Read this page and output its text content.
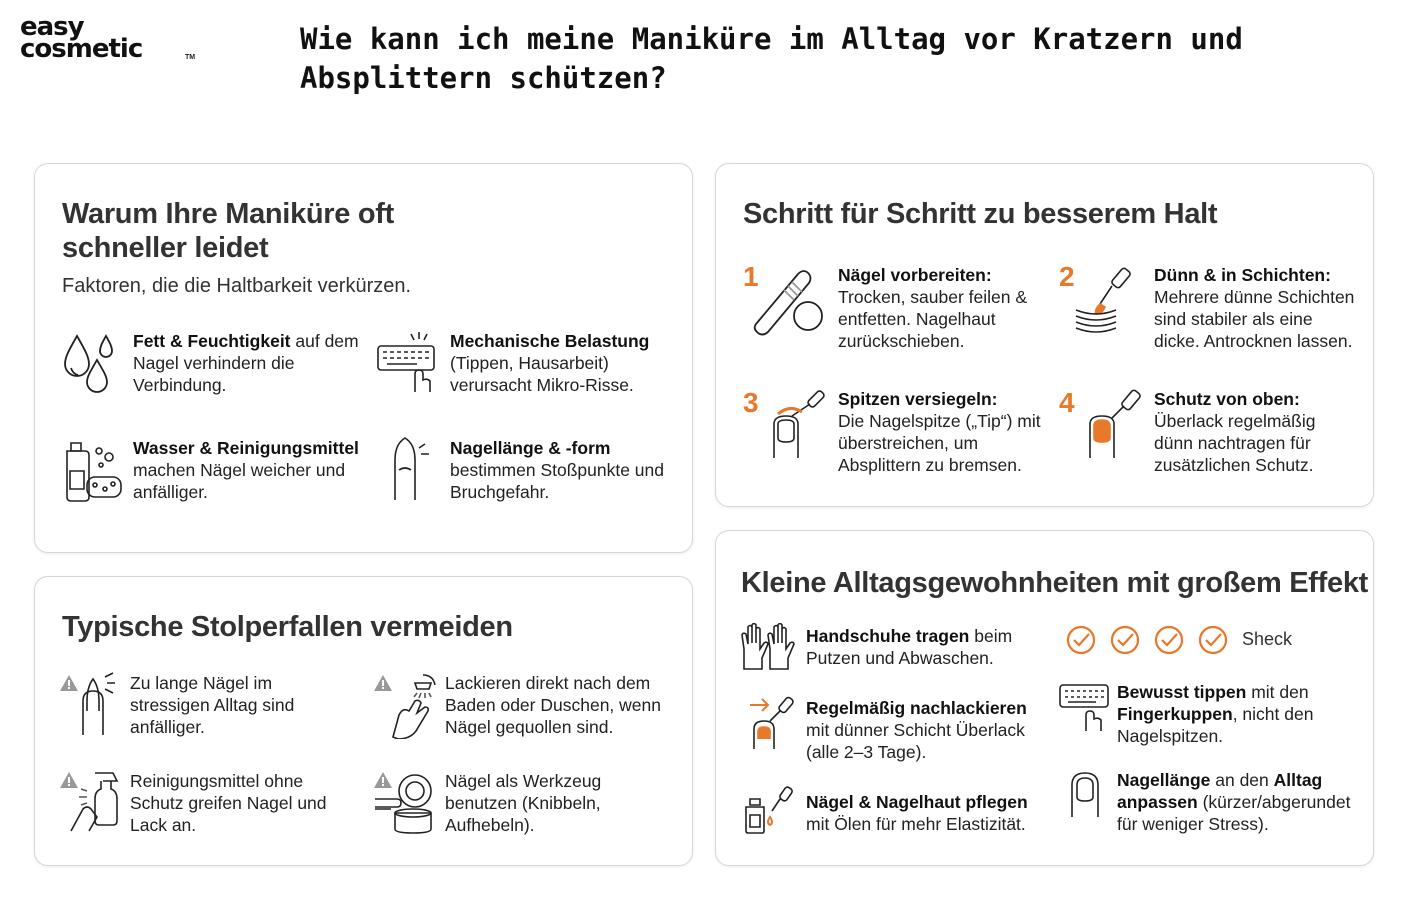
easy
cosmetic	TM
Wie kann ich meine Maniküre im Alltag vor Kratzern und Absplittern schützen?
Warum Ihre Maniküre oft schneller leidet

Faktoren, die die Haltbarkeit verkürzen.

Fett & Feuchtigkeit auf dem Nagel verhindern die Verbindung.
Mechanische Belastung (Tippen, Hausarbeit) verursacht Mikro-Risse.
Wasser & Reinigungsmittel machen Nägel weicher und anfälliger.
Nagellänge & -form bestimmen Stoßpunkte und Bruchgefahr.
Schritt für Schritt zu besserem Halt
1	Nägel vorbereiten:
Trocken, sauber feilen & entfetten. Nagelhaut zurückschieben.
2	Dünn & in Schichten:
Mehrere dünne Schichten sind stabiler als eine dicke. Antrocknen lassen.
3	Spitzen versiegeln:
Die Nagelspitze („Tip“) mit überstreichen, um Absplittern zu bremsen.
4	Schutz von oben:
Überlack regelmäßig dünn nachtragen für zusätzlichen Schutz.
Typische Stolperfallen vermeiden
Zu lange Nägel im stressigen Alltag sind anfälliger.
Lackieren direkt nach dem Baden oder Duschen, wenn Nägel gequollen sind.
Reinigungsmittel ohne Schutz greifen Nagel und Lack an.
Nägel als Werkzeug benutzen (Knibbeln, Aufhebeln).
Kleine Alltagsgewohnheiten mit großem Effekt
Handschuhe tragen beim Putzen und Abwaschen.
Sheck
Regelmäßig nachlackieren mit dünner Schicht Überlack (alle 2–3 Tage).
Nägel & Nagelhaut pflegen mit Ölen für mehr Elastizität.
Bewusst tippen mit den Fingerkuppen, nicht den Nagelspitzen.
Nagellänge an den Alltag anpassen (kürzer/abgerundet für weniger Stress).
